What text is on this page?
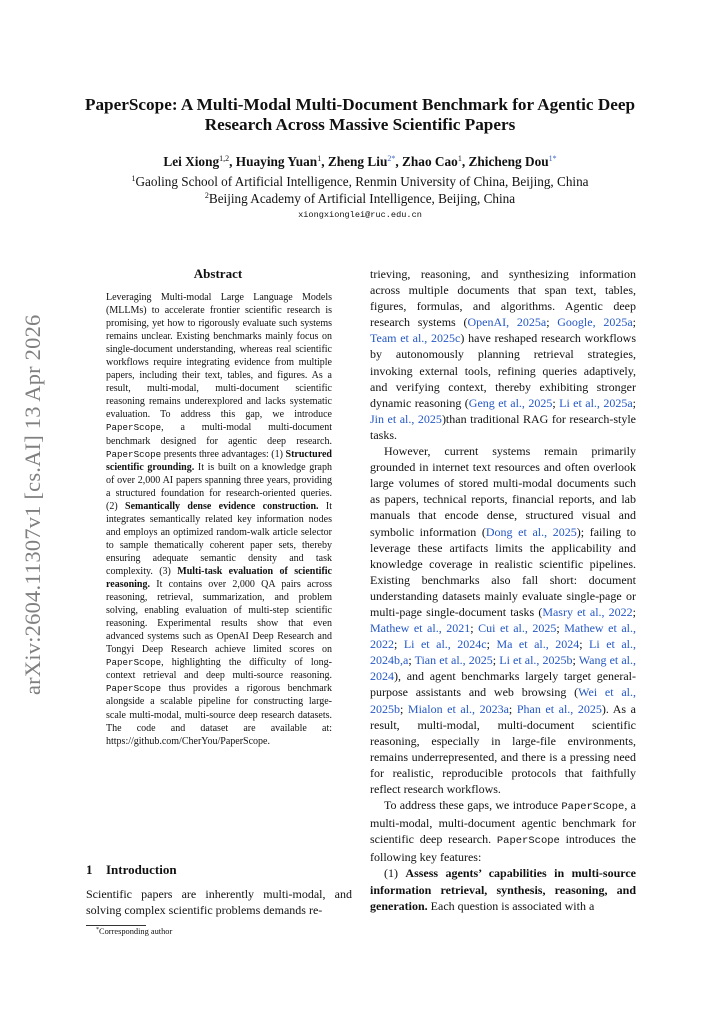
arXiv:2604.11307v1 [cs.AI] 13 Apr 2026
PaperScope: A Multi-Modal Multi-Document Benchmark for Agentic Deep Research Across Massive Scientific Papers
Lei Xiong$^{1,2}$, Huaying Yuan$^1$, Zheng Liu$^{2*}$, Zhao Cao$^1$, Zhicheng Dou$^{1*}$
$^1$Gaoling School of Artificial Intelligence, Renmin University of China, Beijing, China
$^2$Beijing Academy of Artificial Intelligence, Beijing, China
xiongxionglei@ruc.edu.cn
Abstract
Leveraging Multi-modal Large Language Models (MLLMs) to accelerate frontier scientific research is promising, yet how to rigorously evaluate such systems remains unclear. Existing benchmarks mainly focus on single-document understanding, whereas real scientific workflows require integrating evidence from multiple papers, including their text, tables, and figures. As a result, multi-modal, multi-document scientific reasoning remains underexplored and lacks systematic evaluation. To address this gap, we introduce PaperScope, a multi-modal multi-document benchmark designed for agentic deep research. PaperScope presents three advantages: (1) Structured scientific grounding. It is built on a knowledge graph of over 2,000 AI papers spanning three years, providing a structured foundation for research-oriented queries. (2) Semantically dense evidence construction. It integrates semantically related key information nodes and employs an optimized random-walk article selector to sample thematically coherent paper sets, thereby ensuring adequate semantic density and task complexity. (3) Multi-task evaluation of scientific reasoning. It contains over 2,000 QA pairs across reasoning, retrieval, summarization, and problem solving, enabling evaluation of multi-step scientific reasoning. Experimental results show that even advanced systems such as OpenAI Deep Research and Tongyi Deep Research achieve limited scores on PaperScope, highlighting the difficulty of long-context retrieval and deep multi-source reasoning. PaperScope thus provides a rigorous benchmark alongside a scalable pipeline for constructing large-scale multi-modal, multi-source deep research datasets. The code and dataset are available at: https://github.com/CherYou/PaperScope.
1 Introduction
Scientific papers are inherently multi-modal, and solving complex scientific problems demands re-
*Corresponding author

trieving, reasoning, and synthesizing information across multiple documents that span text, tables, figures, formulas, and algorithms. Agentic deep research systems (OpenAI, 2025a; Google, 2025a; Team et al., 2025c) have reshaped research workflows by autonomously planning retrieval strategies, invoking external tools, refining queries adaptively, and verifying context, thereby exhibiting stronger dynamic reasoning (Geng et al., 2025; Li et al., 2025a; Jin et al., 2025)than traditional RAG for research-style tasks.

However, current systems remain primarily grounded in internet text resources and often overlook large volumes of stored multi-modal documents such as papers, technical reports, financial reports, and lab manuals that encode dense, structured visual and symbolic information (Dong et al., 2025); failing to leverage these artifacts limits the applicability and knowledge coverage in realistic scientific pipelines. Existing benchmarks also fall short: document understanding datasets mainly evaluate single-page or multi-page single-document tasks (Masry et al., 2022; Mathew et al., 2021; Cui et al., 2025; Mathew et al., 2022; Li et al., 2024c; Ma et al., 2024; Li et al., 2024b,a; Tian et al., 2025; Li et al., 2025b; Wang et al., 2024), and agent benchmarks largely target general-purpose assistants and web browsing (Wei et al., 2025b; Mialon et al., 2023a; Phan et al., 2025). As a result, multi-modal, multi-document scientific reasoning, especially in large-file environments, remains underrepresented, and there is a pressing need for realistic, reproducible protocols that faithfully reflect research workflows.

To address these gaps, we introduce PaperScope, a multi-modal, multi-document agentic benchmark for scientific deep research. PaperScope introduces the following key features:

(1) Assess agents’ capabilities in multi-source information retrieval, synthesis, reasoning, and generation. Each question is associated with a
